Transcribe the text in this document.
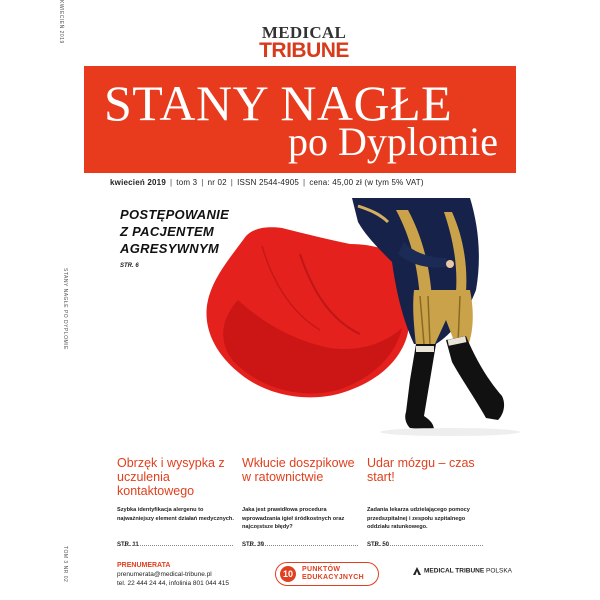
KWIECIEŃ 2019
STANY NAGŁE PO DYPLOMIE
TOM 3 NR 02
MEDICAL
TRIBUNE
STANY NAGŁE
po Dyplomie
kwiecień 2019 | tom 3 | nr 02 | ISSN 2544-4905 | cena: 45,00 zł (w tym 5% VAT)
POSTĘPOWANIE
Z PACJENTEM
AGRESYWNYM
STR. 6
Obrzęk i wysypka z uczulenia kontaktowego
Szybka identyfikacja alergenu to najważniejszy element działań medycznych.
STR. 11
Wkłucie doszpikowe w ratownictwie
Jaka jest prawidłowa procedura wprowadzania igieł śródkostnych oraz najczęstsze błędy?
STR. 39
Udar mózgu – czas start!
Zadania lekarza udzielającego pomocy przedszpitalnej i zespołu szpitalnego oddziału ratunkowego.
STR. 50
PRENUMERATA
prenumerata@medical-tribune.pl
tel. 22 444 24 44, infolinia 801 044 415
10	PUNKTÓW
EDUKACYJNYCH
MEDICAL TRIBUNE POLSKA
